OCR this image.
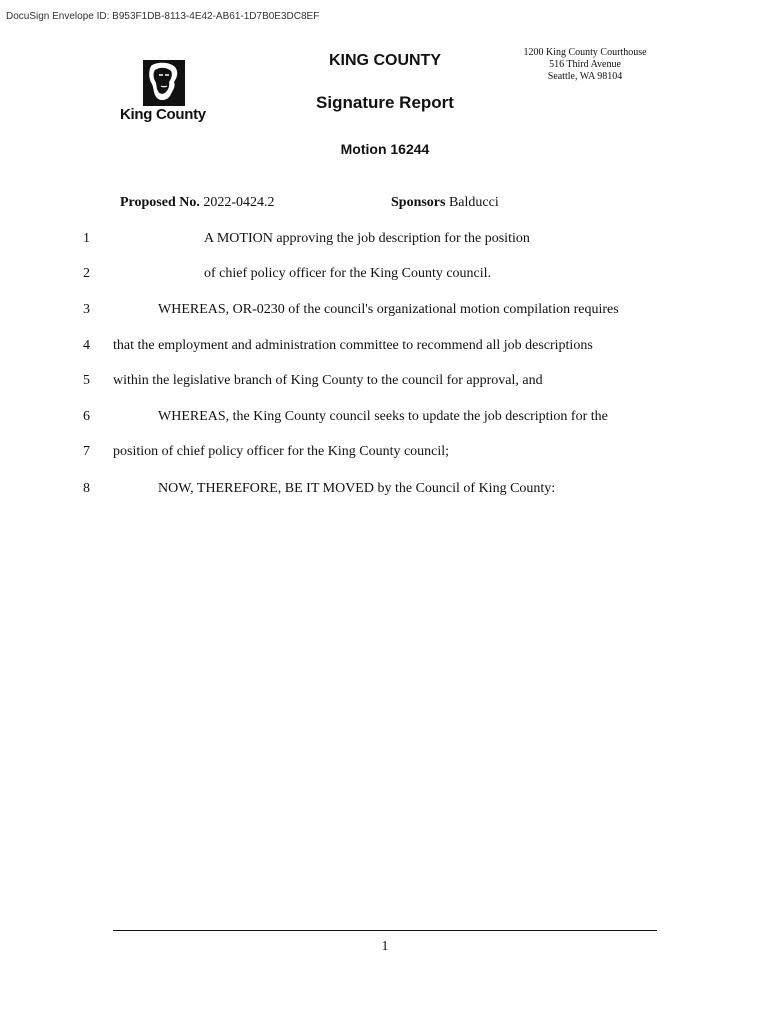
DocuSign Envelope ID: B953F1DB-8113-4E42-AB61-1D7B0E3DC8EF
King County
KING COUNTY	1200 King County Courthouse
516 Third Avenue
Seattle, WA 98104
Signature Report
Motion 16244
Proposed No. 2022-0424.2	Sponsors Balducci
1	A MOTION approving the job description for the position
2	of chief policy officer for the King County council.
3	WHEREAS, OR-0230 of the council's organizational motion compilation requires
4 that the employment and administration committee to recommend all job descriptions
5 within the legislative branch of King County to the council for approval, and
6	WHEREAS, the King County council seeks to update the job description for the
7 position of chief policy officer for the King County council;
8	NOW, THEREFORE, BE IT MOVED by the Council of King County:
1
